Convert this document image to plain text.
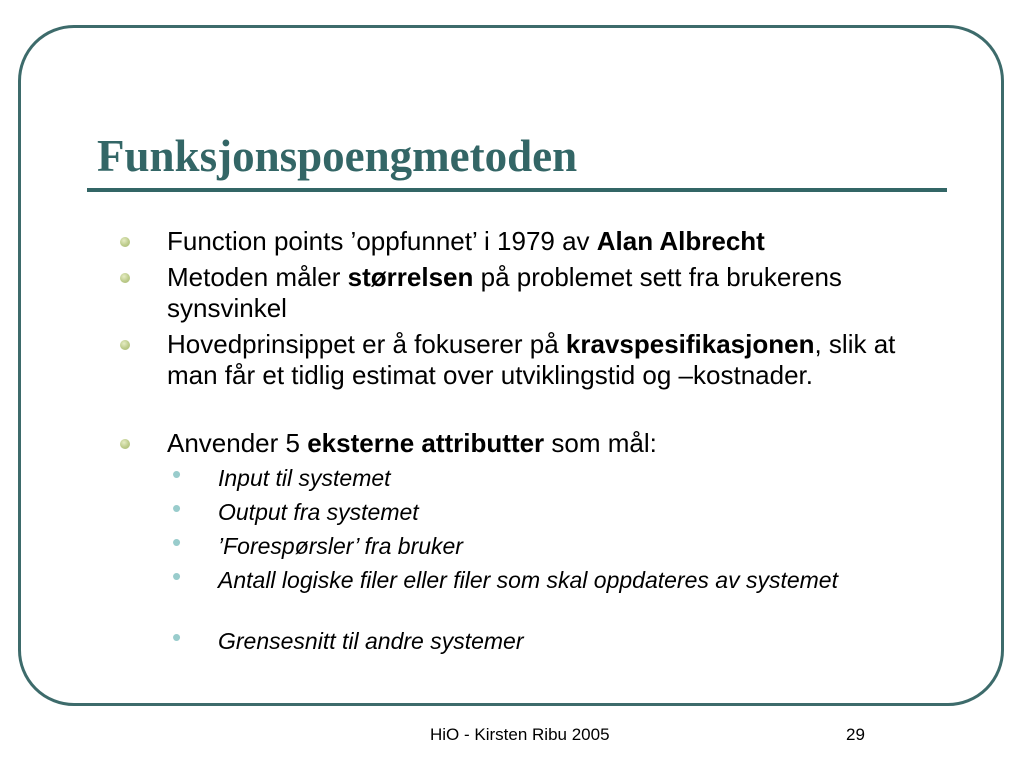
Funksjonspoengmetoden
Function points ’oppfunnet’ i 1979 av Alan Albrecht
Metoden måler størrelsen på problemet sett fra brukerens synsvinkel
Hovedprinsippet er å fokuserer på kravspesifikasjonen, slik at man får et tidlig estimat over utviklingstid og –kostnader.
Anvender 5 eksterne attributter som mål:
• Input til systemet
• Output fra systemet
• ’Forespørsler’ fra bruker
• Antall logiske filer eller filer som skal oppdateres av systemet
• Grensesnitt til andre systemer
HiO - Kirsten Ribu 2005	29
